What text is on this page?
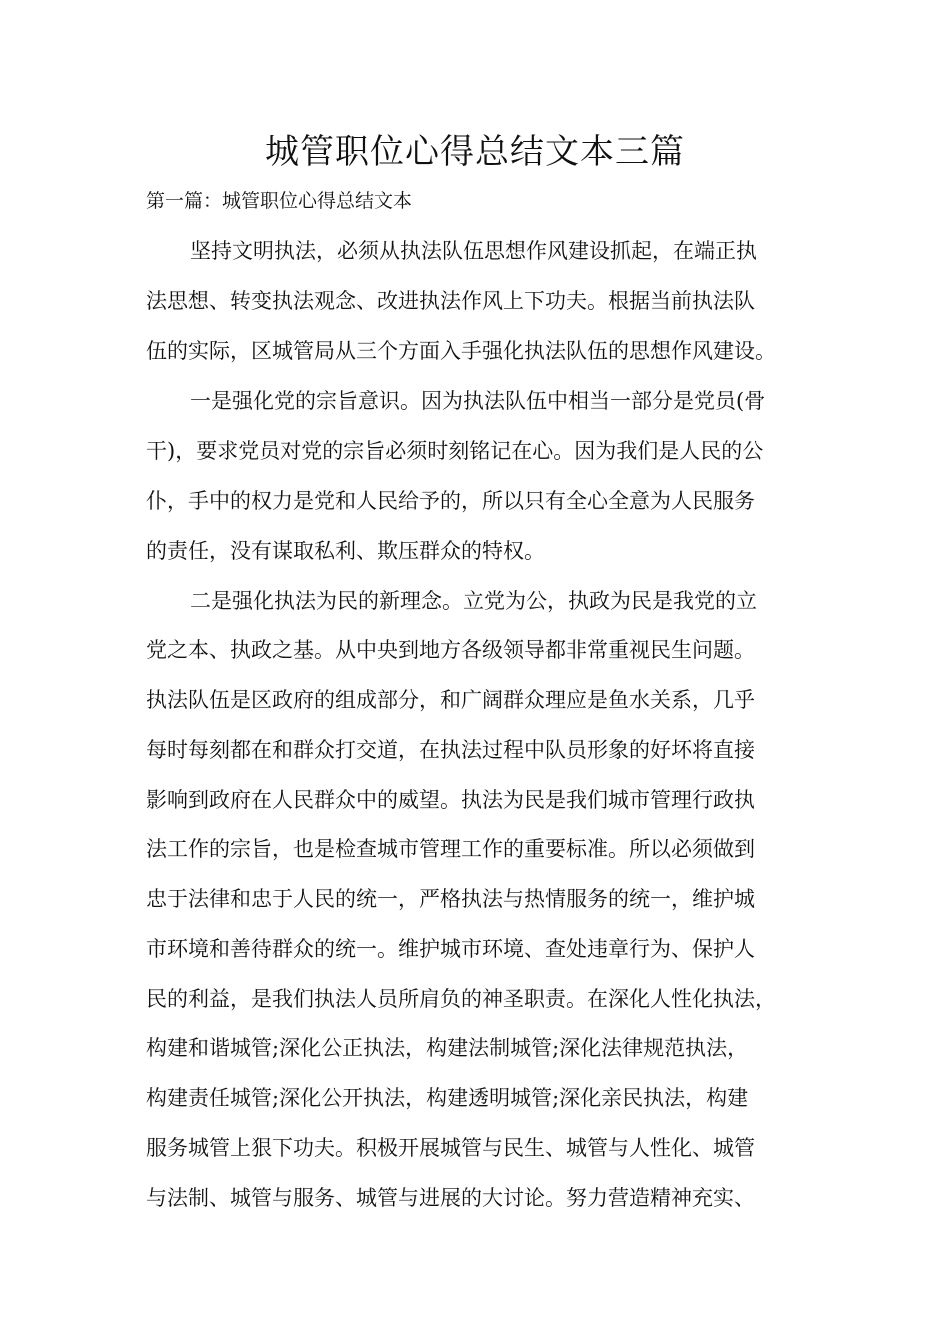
城管职位心得总结文本三篇

第一篇：城管职位心得总结文本

坚持文明执法，必须从执法队伍思想作风建设抓起，在端正执

法思想、转变执法观念、改进执法作风上下功夫。根据当前执法队

伍的实际，区城管局从三个方面入手强化执法队伍的思想作风建设。

一是强化党的宗旨意识。因为执法队伍中相当一部分是党员(骨

干)，要求党员对党的宗旨必须时刻铭记在心。因为我们是人民的公

仆，手中的权力是党和人民给予的，所以只有全心全意为人民服务

的责任，没有谋取私利、欺压群众的特权。

二是强化执法为民的新理念。立党为公，执政为民是我党的立

党之本、执政之基。从中央到地方各级领导都非常重视民生问题。

执法队伍是区政府的组成部分，和广阔群众理应是鱼水关系，几乎

每时每刻都在和群众打交道，在执法过程中队员形象的好坏将直接

影响到政府在人民群众中的威望。执法为民是我们城市管理行政执

法工作的宗旨，也是检查城市管理工作的重要标准。所以必须做到

忠于法律和忠于人民的统一，严格执法与热情服务的统一，维护城

市环境和善待群众的统一。维护城市环境、查处违章行为、保护人

民的利益，是我们执法人员所肩负的神圣职责。在深化人性化执法，

构建和谐城管;深化公正执法，构建法制城管;深化法律规范执法，

构建责任城管;深化公开执法，构建透明城管;深化亲民执法，构建

服务城管上狠下功夫。积极开展城管与民生、城管与人性化、城管

与法制、城管与服务、城管与进展的大讨论。努力营造精神充实、
